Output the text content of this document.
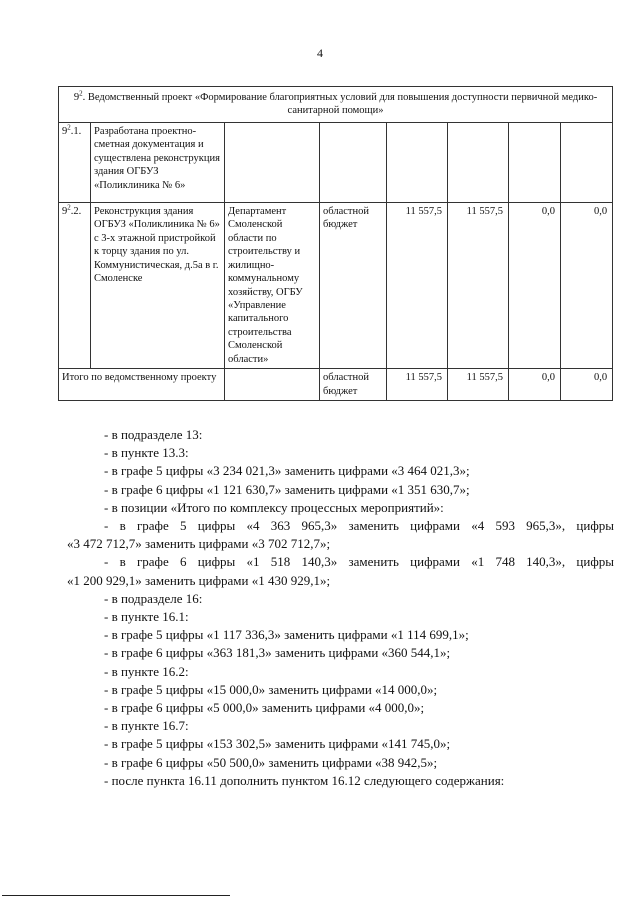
4
$9^2$. Ведомственный проект «Формирование благоприятных условий для повышения доступности первичной медико-санитарной помощи»							
$9^2.1$.	Разработана проектно-сметная документация и существлена реконструкция здания ОГБУЗ «Поликлиника № 6»						
$9^2.2$.	Реконструкция здания ОГБУЗ «Поликлиника № 6» с 3-х этажной пристройкой к торцу здания по ул. Коммунистическая, д.5а в г. Смоленске	Департамент Смоленской области по строительству и жилищно-коммунальному хозяйству, ОГБУ «Управление капитального строительства Смоленской области»	областной бюджет	11 557,5	11 557,5	0,0	0,0
Итого по ведомственному проекту			областной бюджет	11 557,5	11 557,5	0,0	0,0

- в подразделе 13:

- в пункте 13.3:

- в графе 5 цифры «3 234 021,3» заменить цифрами «3 464 021,3»;

- в графе 6 цифры «1 121 630,7» заменить цифрами «1 351 630,7»;

- в позиции «Итого по комплексу процессных мероприятий»:

- в графе 5 цифры «4 363 965,3» заменить цифрами «4 593 965,3», цифры

«3 472 712,7» заменить цифрами «3 702 712,7»;

- в графе 6 цифры «1 518 140,3» заменить цифрами «1 748 140,3», цифры

«1 200 929,1» заменить цифрами «1 430 929,1»;

- в подразделе 16:

- в пункте 16.1:

- в графе 5 цифры «1 117 336,3» заменить цифрами «1 114 699,1»;

- в графе 6 цифры «363 181,3» заменить цифрами «360 544,1»;

- в пункте 16.2:

- в графе 5 цифры «15 000,0» заменить цифрами «14 000,0»;

- в графе 6 цифры «5 000,0» заменить цифрами «4 000,0»;

- в пункте 16.7:

- в графе 5 цифры «153 302,5» заменить цифрами «141 745,0»;

- в графе 6 цифры «50 500,0» заменить цифрами «38 942,5»;

- после пункта 16.11 дополнить пунктом 16.12 следующего содержания:
